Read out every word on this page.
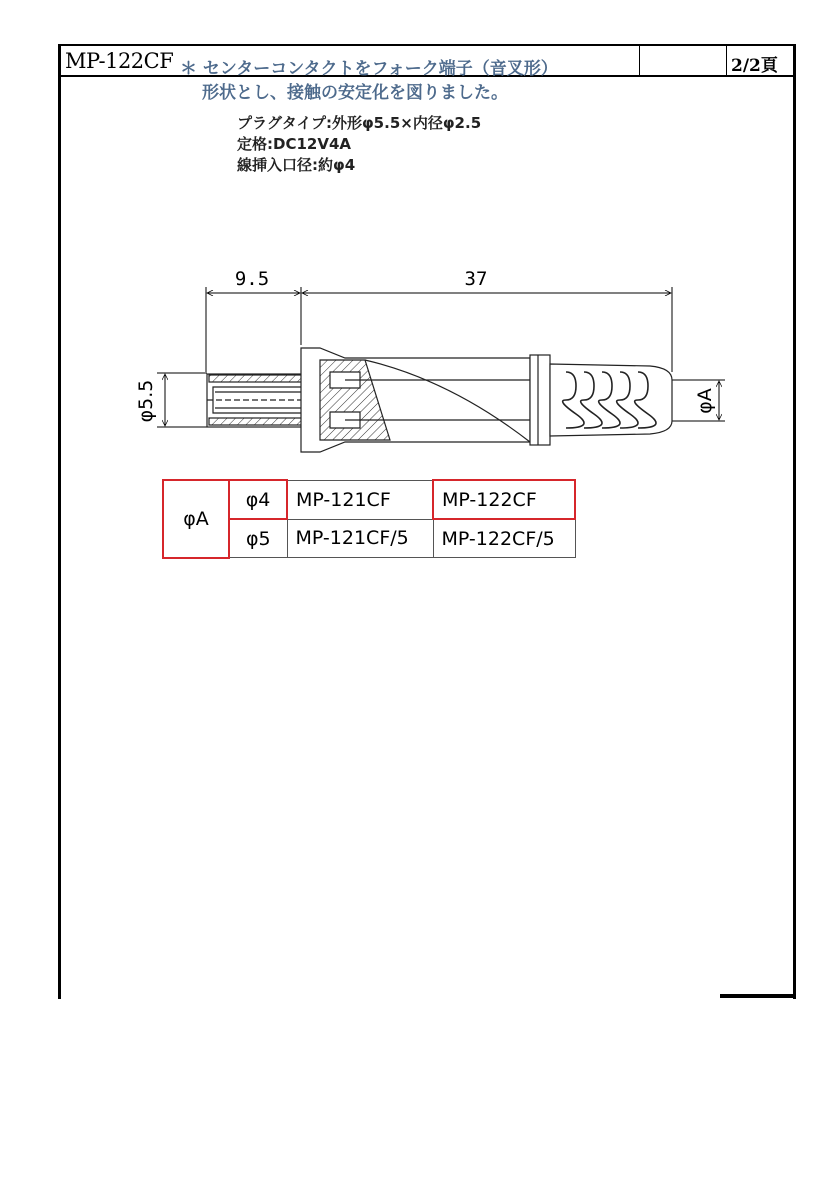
MP-122CF	2/2頁
＊ センターコンタクトをフォーク端子（音叉形）
形状とし、接触の安定化を図りました。
プラグタイプ:外形φ5.5×内径φ2.5
定格:DC12V4A
線挿入口径:約φ4
9.5	37
φ5.5	φA
φA	φ4	MP-121CF	MP-122CF
	φ5	MP-121CF/5	MP-122CF/5
